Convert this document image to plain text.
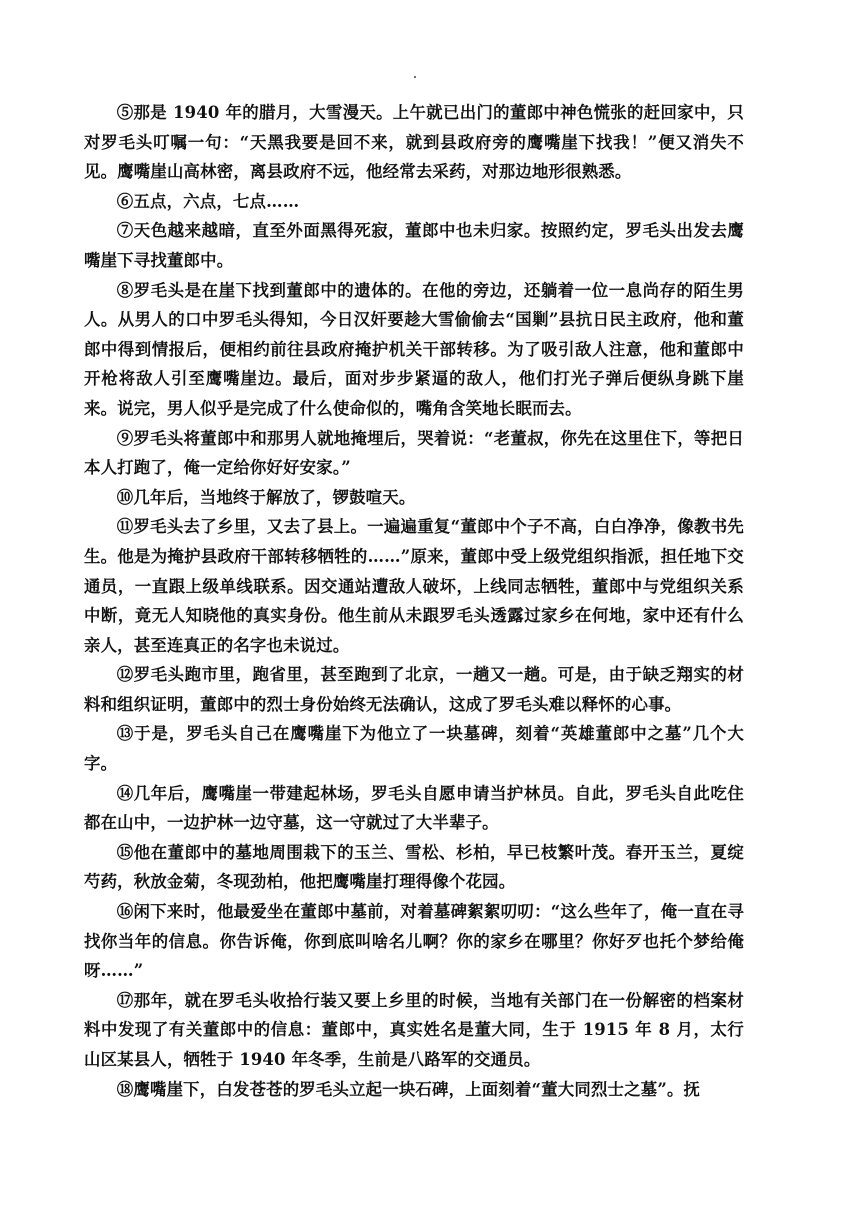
⑤那是 1940 年的腊月，大雪漫天。上午就已出门的董郎中神色慌张的赶回家中，只对罗毛头叮嘱一句：“天黑我要是回不来，就到县政府旁的鹰嘴崖下找我！”便又消失不见。鹰嘴崖山高林密，离县政府不远，他经常去采药，对那边地形很熟悉。

⑥五点，六点，七点……

⑦天色越来越暗，直至外面黑得死寂，董郎中也未归家。按照约定，罗毛头出发去鹰嘴崖下寻找董郎中。

⑧罗毛头是在崖下找到董郎中的遗体的。在他的旁边，还躺着一位一息尚存的陌生男人。从男人的口中罗毛头得知，今日汉奸要趁大雪偷偷去“国剿”县抗日民主政府，他和董郎中得到情报后，便相约前往县政府掩护机关干部转移。为了吸引敌人注意，他和董郎中开枪将敌人引至鹰嘴崖边。最后，面对步步紧逼的敌人，他们打光子弹后便纵身跳下崖来。说完，男人似乎是完成了什么使命似的，嘴角含笑地长眠而去。

⑨罗毛头将董郎中和那男人就地掩埋后，哭着说：“老董叔，你先在这里住下，等把日本人打跑了，俺一定给你好好安家。”

⑩几年后，当地终于解放了，锣鼓喧天。

⑪罗毛头去了乡里，又去了县上。一遍遍重复“董郎中个子不高，白白净净，像教书先生。他是为掩护县政府干部转移牺牲的……”原来，董郎中受上级党组织指派，担任地下交通员，一直跟上级单线联系。因交通站遭敌人破坏，上线同志牺牲，董郎中与党组织关系中断，竟无人知晓他的真实身份。他生前从未跟罗毛头透露过家乡在何地，家中还有什么亲人，甚至连真正的名字也未说过。

⑫罗毛头跑市里，跑省里，甚至跑到了北京，一趟又一趟。可是，由于缺乏翔实的材料和组织证明，董郎中的烈士身份始终无法确认，这成了罗毛头难以释怀的心事。

⑬于是，罗毛头自己在鹰嘴崖下为他立了一块墓碑，刻着“英雄董郎中之墓”几个大字。

⑭几年后，鹰嘴崖一带建起林场，罗毛头自愿申请当护林员。自此，罗毛头自此吃住都在山中，一边护林一边守墓，这一守就过了大半辈子。

⑮他在董郎中的墓地周围栽下的玉兰、雪松、杉柏，早已枝繁叶茂。春开玉兰，夏绽芍药，秋放金菊，冬现劲柏，他把鹰嘴崖打理得像个花园。

⑯闲下来时，他最爱坐在董郎中墓前，对着墓碑絮絮叨叨：“这么些年了，俺一直在寻找你当年的信息。你告诉俺，你到底叫啥名儿啊？你的家乡在哪里？你好歹也托个梦给俺呀……”

⑰那年，就在罗毛头收拾行装又要上乡里的时候，当地有关部门在一份解密的档案材料中发现了有关董郎中的信息：董郎中，真实姓名是董大同，生于 1915 年 8 月，太行山区某县人，牺牲于 1940 年冬季，生前是八路军的交通员。

⑱鹰嘴崖下，白发苍苍的罗毛头立起一块石碑，上面刻着“董大同烈士之墓”。抚
